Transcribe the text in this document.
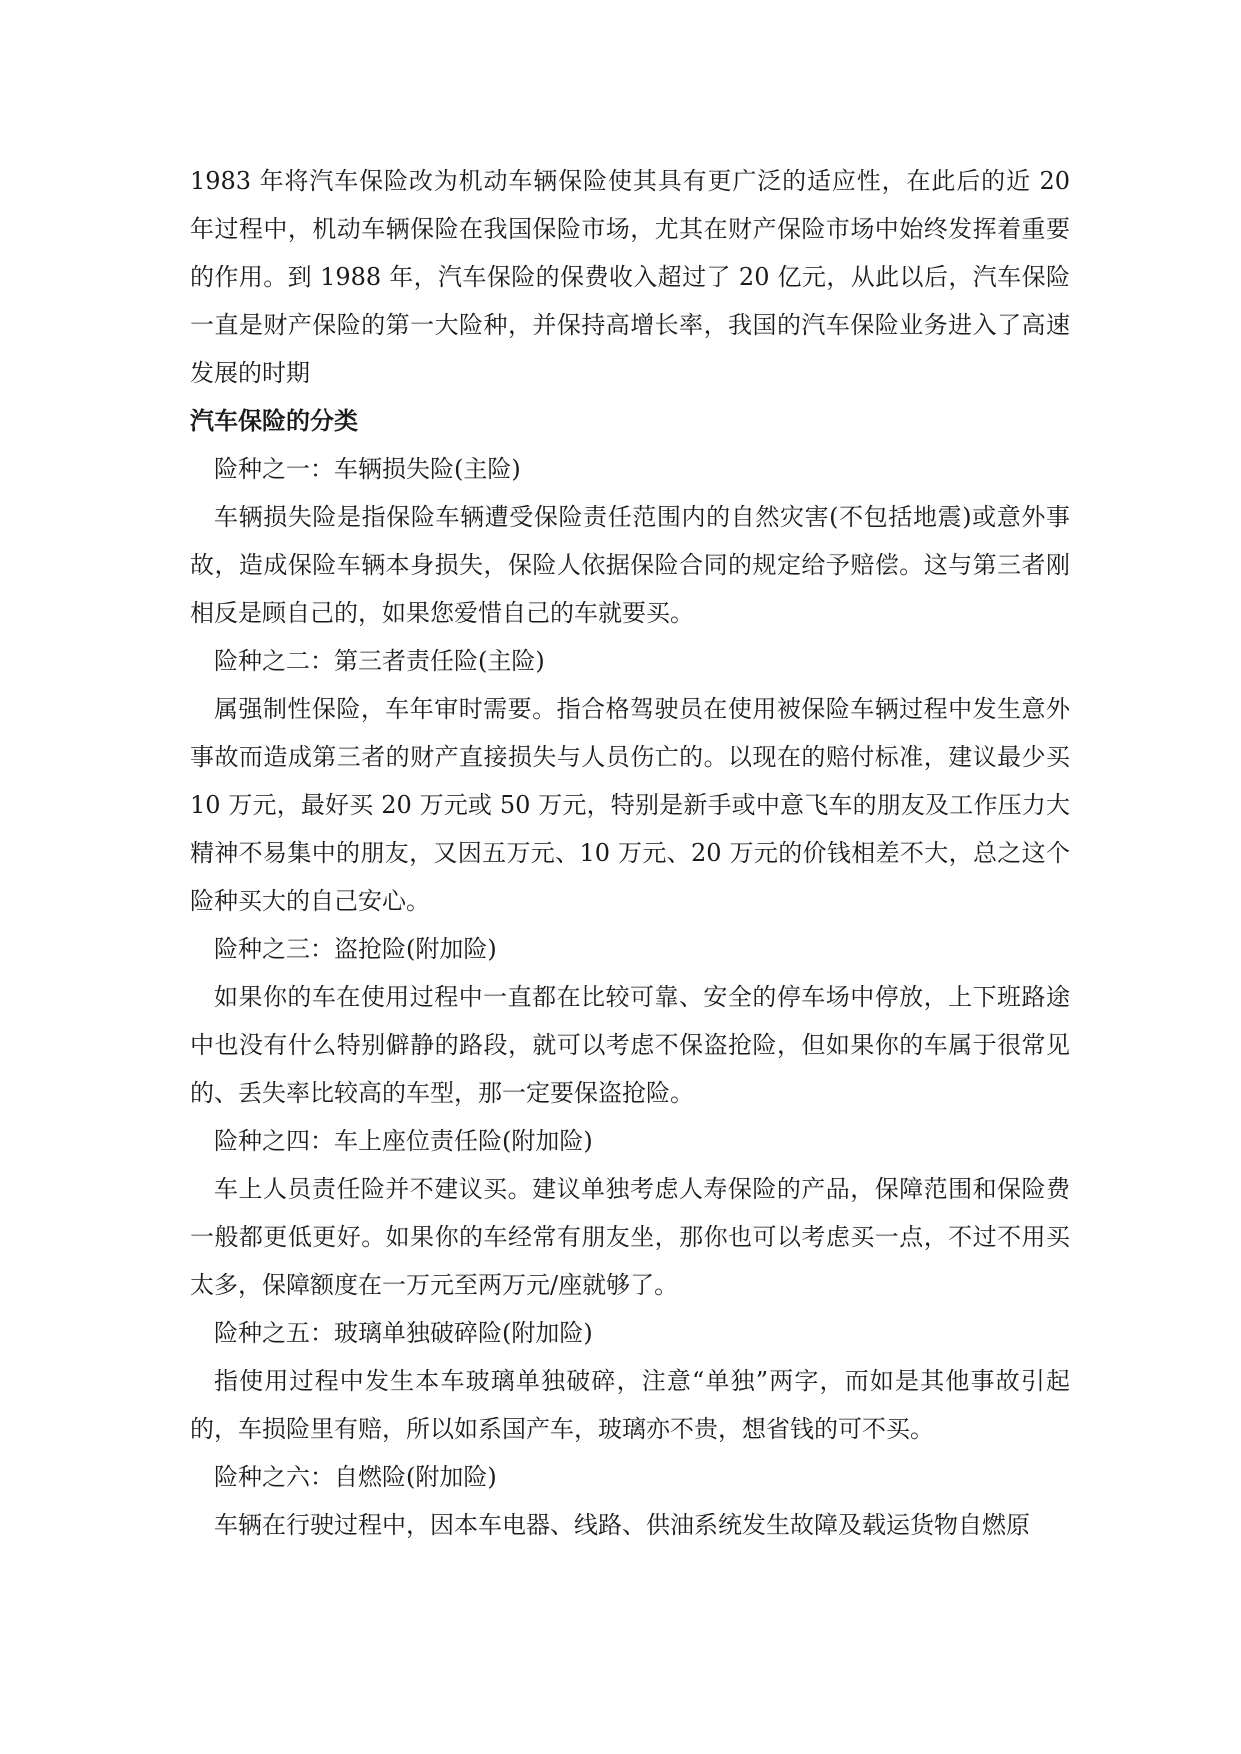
1983 年将汽车保险改为机动车辆保险使其具有更广泛的适应性，在此后的近 20 年过程中，机动车辆保险在我国保险市场，尤其在财产保险市场中始终发挥着重要的作用。到 1988 年，汽车保险的保费收入超过了 20 亿元，从此以后，汽车保险一直是财产保险的第一大险种，并保持高增长率，我国的汽车保险业务进入了高速发展的时期

汽车保险的分类

险种之一：车辆损失险(主险)

车辆损失险是指保险车辆遭受保险责任范围内的自然灾害(不包括地震)或意外事故，造成保险车辆本身损失，保险人依据保险合同的规定给予赔偿。这与第三者刚相反是顾自己的，如果您爱惜自己的车就要买。

险种之二：第三者责任险(主险)

属强制性保险，车年审时需要。指合格驾驶员在使用被保险车辆过程中发生意外事故而造成第三者的财产直接损失与人员伤亡的。以现在的赔付标准，建议最少买 10 万元，最好买 20 万元或 50 万元，特别是新手或中意飞车的朋友及工作压力大精神不易集中的朋友，又因五万元、10 万元、20 万元的价钱相差不大，总之这个险种买大的自己安心。

险种之三：盗抢险(附加险)

如果你的车在使用过程中一直都在比较可靠、安全的停车场中停放，上下班路途中也没有什么特别僻静的路段，就可以考虑不保盗抢险，但如果你的车属于很常见的、丢失率比较高的车型，那一定要保盗抢险。

险种之四：车上座位责任险(附加险)

车上人员责任险并不建议买。建议单独考虑人寿保险的产品，保障范围和保险费一般都更低更好。如果你的车经常有朋友坐，那你也可以考虑买一点，不过不用买太多，保障额度在一万元至两万元/座就够了。

险种之五：玻璃单独破碎险(附加险)

指使用过程中发生本车玻璃单独破碎，注意“单独”两字，而如是其他事故引起的，车损险里有赔，所以如系国产车，玻璃亦不贵，想省钱的可不买。

险种之六：自燃险(附加险)

车辆在行驶过程中，因本车电器、线路、供油系统发生故障及载运货物自燃原
